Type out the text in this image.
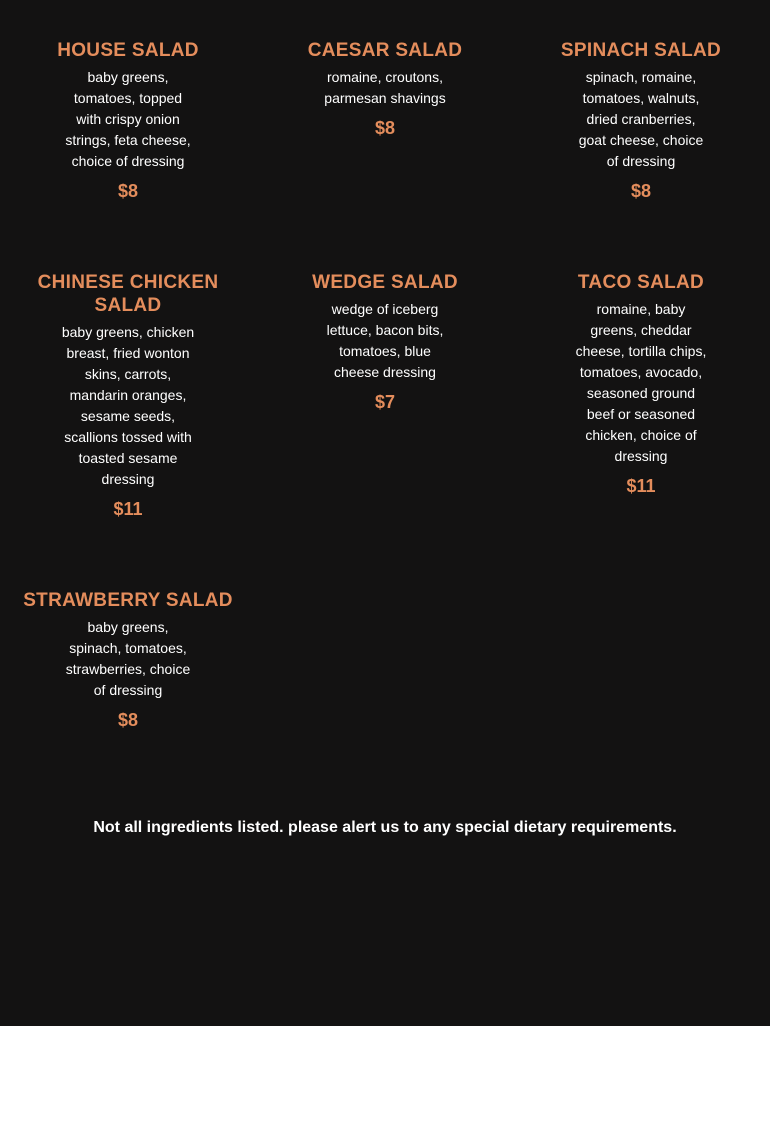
HOUSE SALAD
baby greens, tomatoes, topped with crispy onion strings, feta cheese, choice of dressing
$8
CAESAR SALAD
romaine, croutons, parmesan shavings
$8
SPINACH SALAD
spinach, romaine, tomatoes, walnuts, dried cranberries, goat cheese, choice of dressing
$8
CHINESE CHICKEN SALAD
baby greens, chicken breast, fried wonton skins, carrots, mandarin oranges, sesame seeds, scallions tossed with toasted sesame dressing
$11
WEDGE SALAD
wedge of iceberg lettuce, bacon bits, tomatoes, blue cheese dressing
$7
TACO SALAD
romaine, baby greens, cheddar cheese, tortilla chips, tomatoes, avocado, seasoned ground beef or seasoned chicken, choice of dressing
$11
STRAWBERRY SALAD
baby greens, spinach, tomatoes, strawberries, choice of dressing
$8
Not all ingredients listed. please alert us to any special dietary requirements.
